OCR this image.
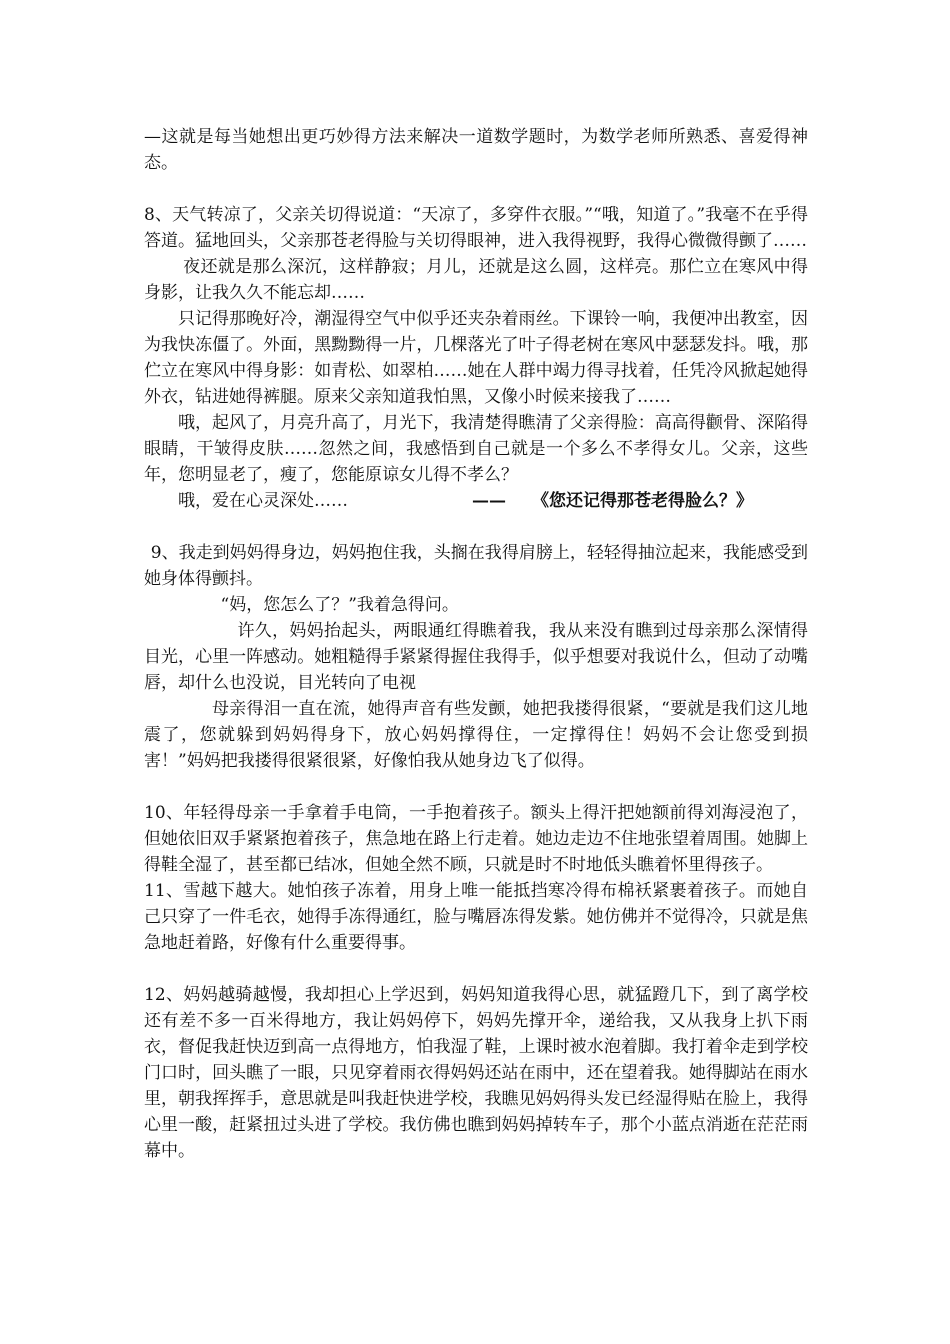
—这就是每当她想出更巧妙得方法来解决一道数学题时，为数学老师所熟悉、喜爱得神态。

8、天气转凉了，父亲关切得说道：“天凉了，多穿件衣服。”“哦，知道了。”我毫不在乎得答道。猛地回头，父亲那苍老得脸与关切得眼神，进入我得视野，我得心微微得颤了……

夜还就是那么深沉，这样静寂；月儿，还就是这么圆，这样亮。那伫立在寒风中得身影，让我久久不能忘却……

只记得那晚好冷，潮湿得空气中似乎还夹杂着雨丝。下课铃一响，我便冲出教室，因为我快冻僵了。外面，黑黝黝得一片，几棵落光了叶子得老树在寒风中瑟瑟发抖。哦，那伫立在寒风中得身影：如青松、如翠柏……她在人群中竭力得寻找着，任凭冷风掀起她得外衣，钻进她得裤腿。原来父亲知道我怕黑，又像小时候来接我了……

哦，起风了，月亮升高了，月光下，我清楚得瞧清了父亲得脸：高高得颧骨、深陷得眼睛，干皱得皮肤……忽然之间，我感悟到自己就是一个多么不孝得女儿。父亲，这些年，您明显老了，瘦了，您能原谅女儿得不孝么？

哦，爱在心灵深处……	—— 《您还记得那苍老得脸么？》

9、我走到妈妈得身边，妈妈抱住我，头搁在我得肩膀上，轻轻得抽泣起来，我能感受到她身体得颤抖。

“妈，您怎么了？”我着急得问。

许久，妈妈抬起头，两眼通红得瞧着我，我从来没有瞧到过母亲那么深情得目光，心里一阵感动。她粗糙得手紧紧得握住我得手，似乎想要对我说什么，但动了动嘴唇，却什么也没说，目光转向了电视

母亲得泪一直在流，她得声音有些发颤，她把我搂得很紧，“要就是我们这儿地震了，您就躲到妈妈得身下，放心妈妈撑得住，一定撑得住！妈妈不会让您受到损害！”妈妈把我搂得很紧很紧，好像怕我从她身边飞了似得。

10、年轻得母亲一手拿着手电筒，一手抱着孩子。额头上得汗把她额前得刘海浸泡了，但她依旧双手紧紧抱着孩子，焦急地在路上行走着。她边走边不住地张望着周围。她脚上得鞋全湿了，甚至都已结冰，但她全然不顾，只就是时不时地低头瞧着怀里得孩子。

11、雪越下越大。她怕孩子冻着，用身上唯一能抵挡寒冷得布棉袄紧裹着孩子。而她自己只穿了一件毛衣，她得手冻得通红，脸与嘴唇冻得发紫。她仿佛并不觉得冷，只就是焦急地赶着路，好像有什么重要得事。

12、妈妈越骑越慢，我却担心上学迟到，妈妈知道我得心思，就猛蹬几下，到了离学校还有差不多一百米得地方，我让妈妈停下，妈妈先撑开伞，递给我，又从我身上扒下雨衣，督促我赶快迈到高一点得地方，怕我湿了鞋，上课时被水泡着脚。我打着伞走到学校门口时，回头瞧了一眼，只见穿着雨衣得妈妈还站在雨中，还在望着我。她得脚站在雨水里，朝我挥挥手，意思就是叫我赶快进学校，我瞧见妈妈得头发已经湿得贴在脸上，我得心里一酸，赶紧扭过头进了学校。我仿佛也瞧到妈妈掉转车子，那个小蓝点消逝在茫茫雨幕中。
